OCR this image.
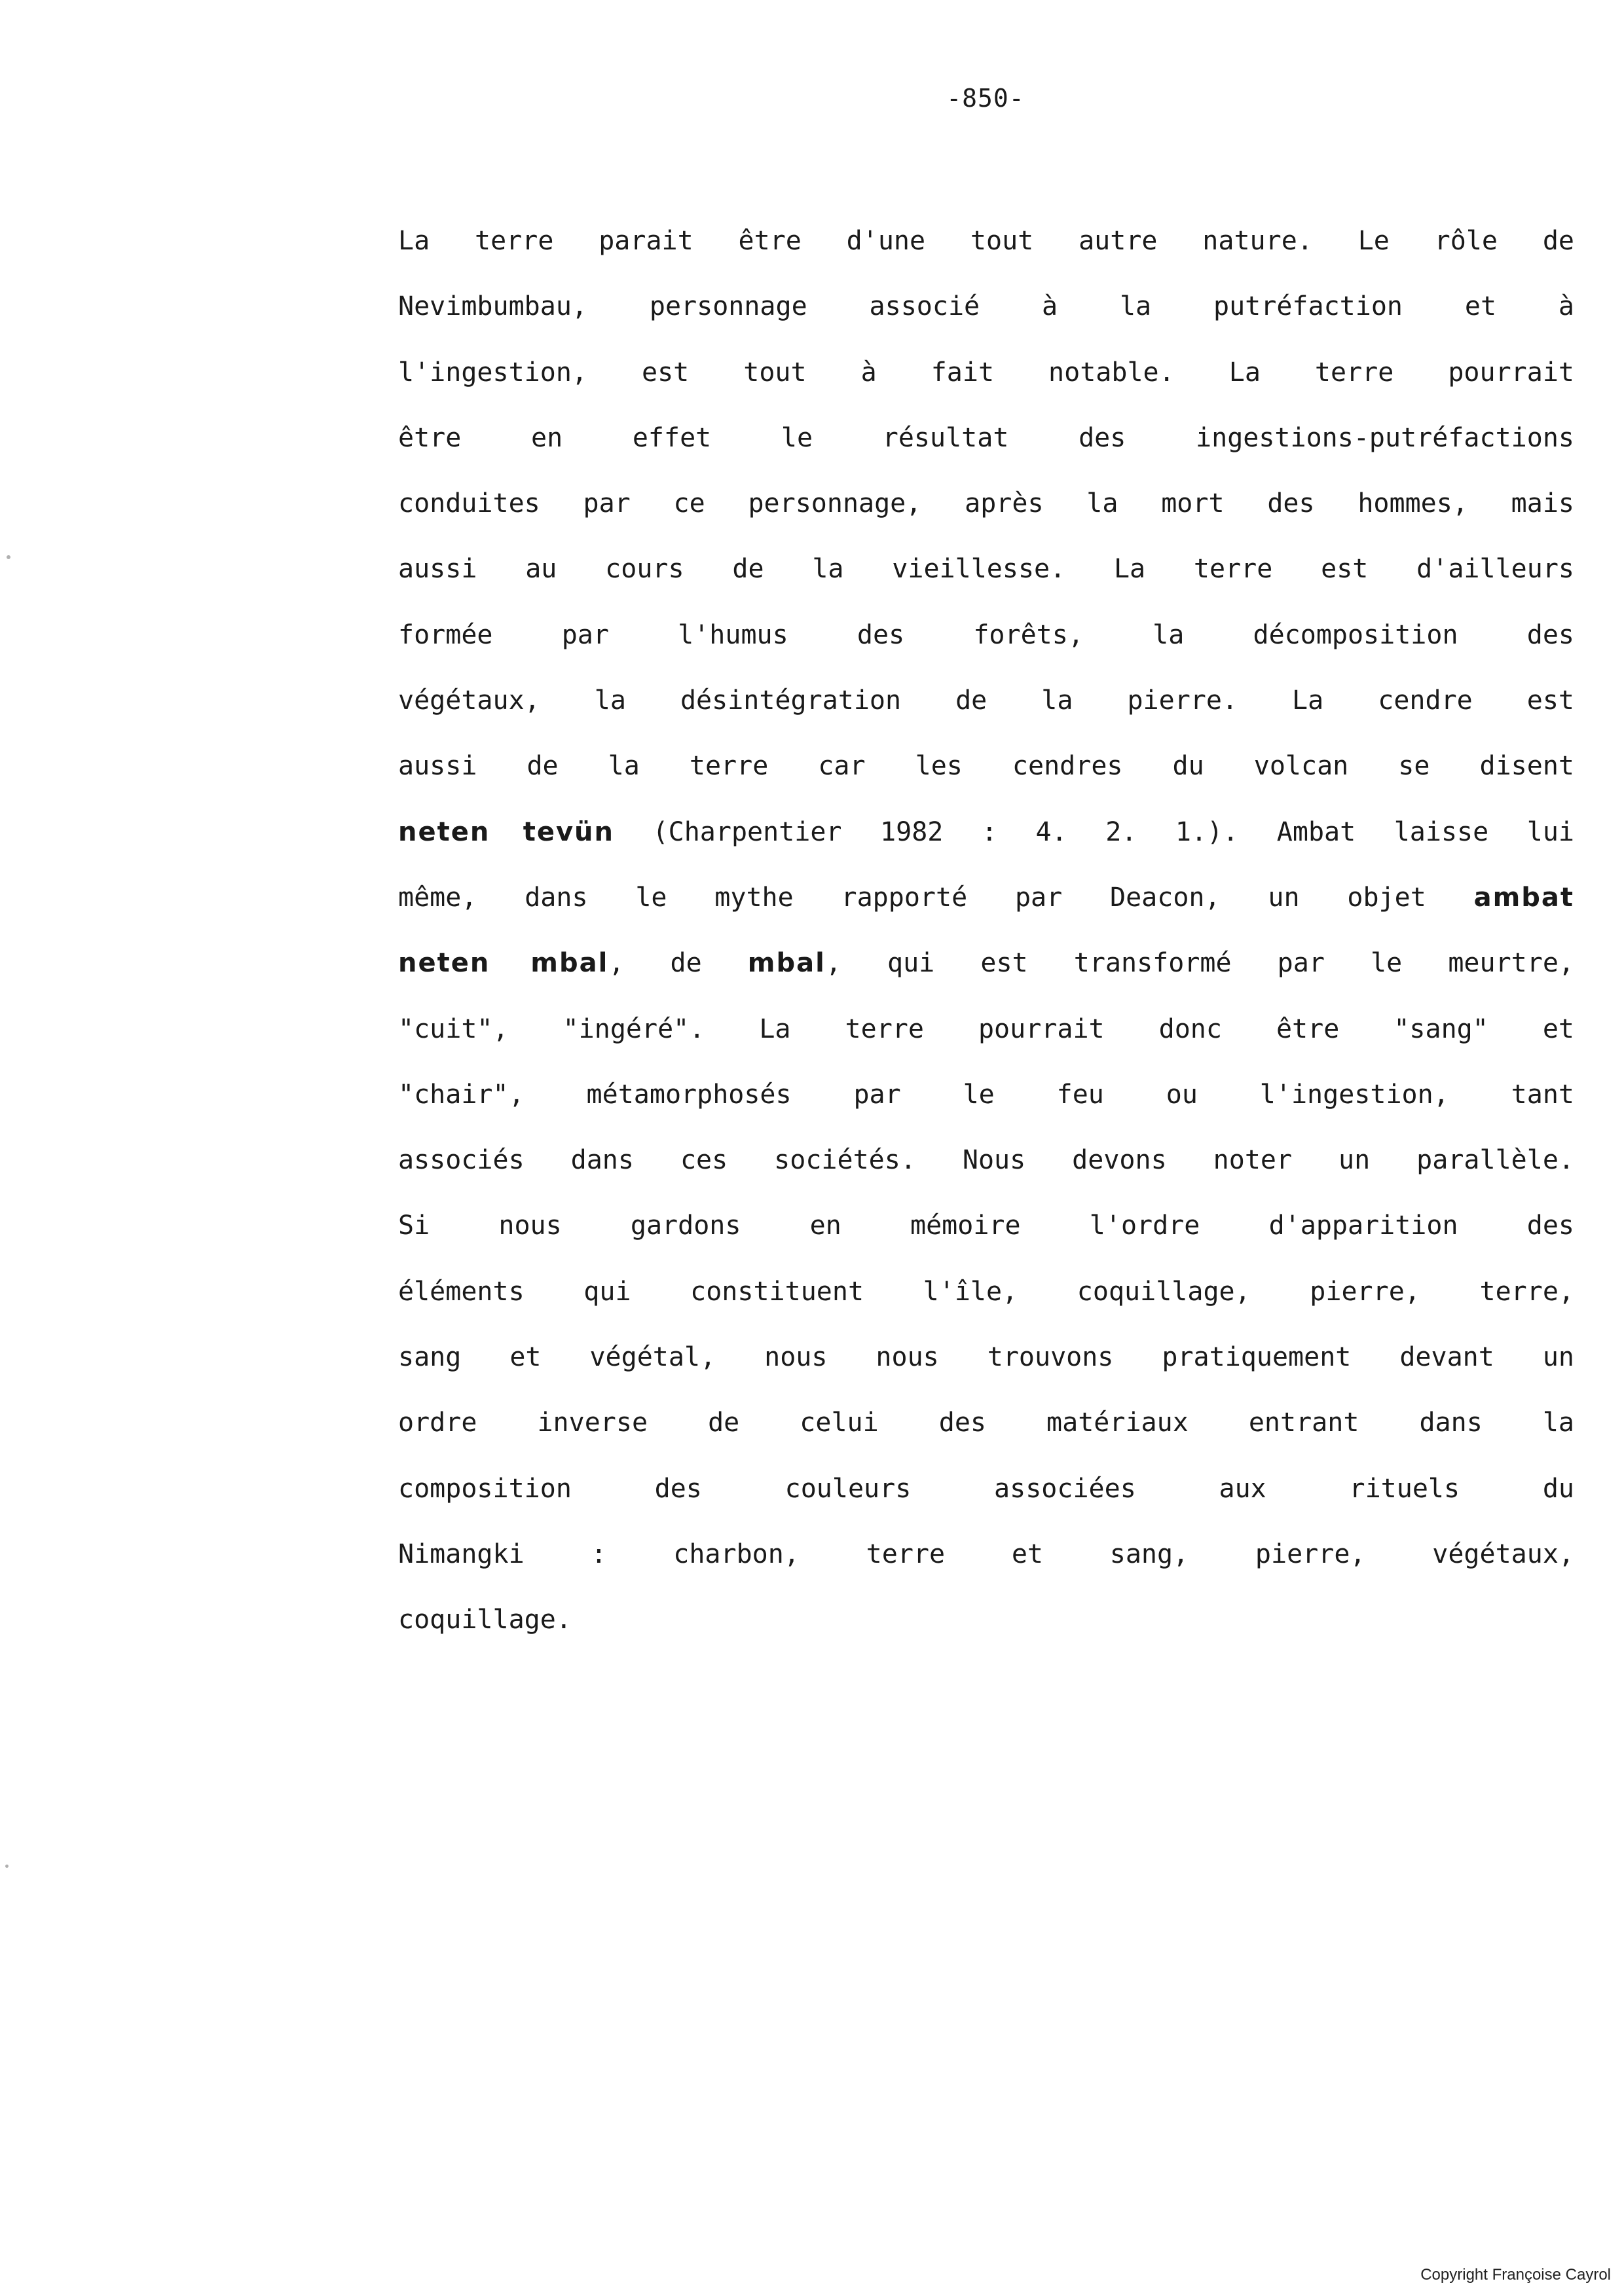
-850-
La terre parait être d'une tout autre nature. Le rôle de
Nevimbumbau, personnage associé à la putréfaction et à
l'ingestion, est tout à fait notable. La terre pourrait
être en effet le résultat des ingestions-putréfactions
conduites par ce personnage, après la mort des hommes, mais
aussi au cours de la vieillesse. La terre est d'ailleurs
formée par l'humus des forêts, la décomposition des
végétaux, la désintégration de la pierre. La cendre est
aussi de la terre car les cendres du volcan se disent
neten tevün (Charpentier 1982 : 4. 2. 1.). Ambat laisse lui
même, dans le mythe rapporté par Deacon, un objet ambat
neten mbal, de mbal, qui est transformé par le meurtre,
"cuit", "ingéré". La terre pourrait donc être "sang" et
"chair", métamorphosés par le feu ou l'ingestion, tant
associés dans ces sociétés. Nous devons noter un parallèle.
Si nous gardons en mémoire l'ordre d'apparition des
éléments qui constituent l'île, coquillage, pierre, terre,
sang et végétal, nous nous trouvons pratiquement devant un
ordre inverse de celui des matériaux entrant dans la
composition des couleurs associées aux rituels du
Nimangki : charbon, terre et sang, pierre, végétaux,
coquillage.
Copyright Françoise Cayrol
